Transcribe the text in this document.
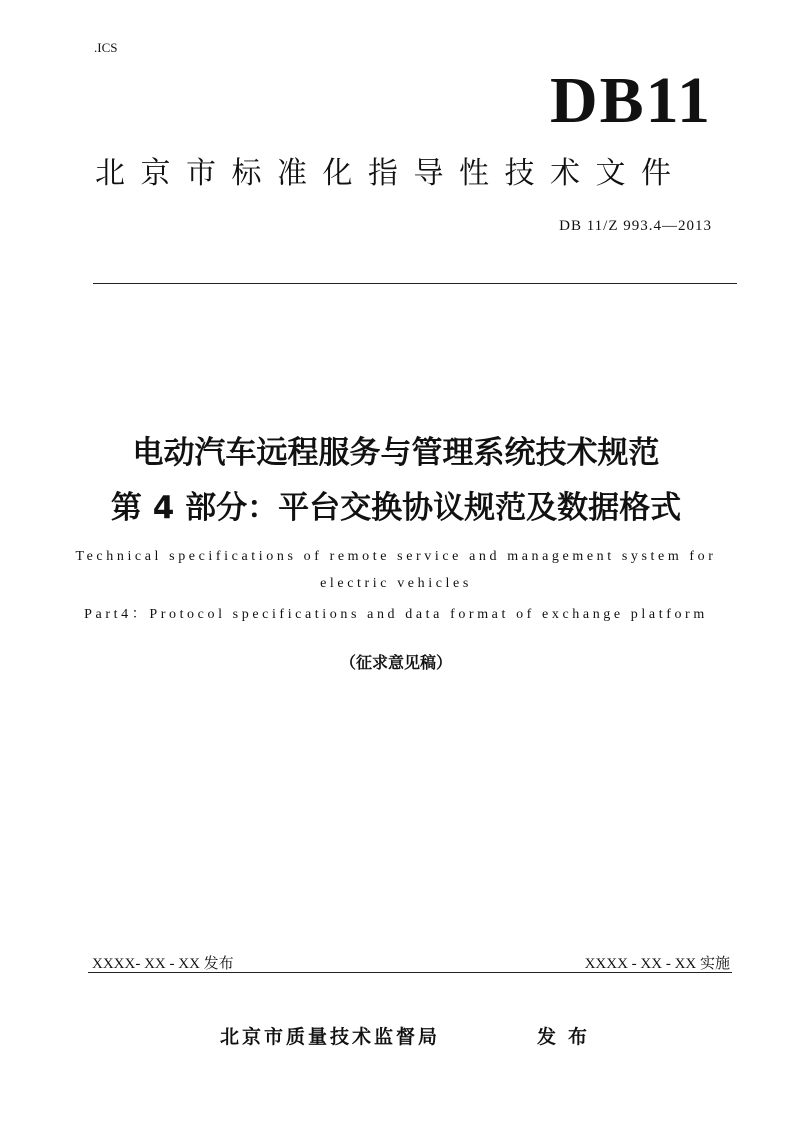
.ICS
DB11
北京市标准化指导性技术文件
DB 11/Z 993.4—2013
电动汽车远程服务与管理系统技术规范
第 4 部分：平台交换协议规范及数据格式
Technical specifications of remote service and management system for
electric vehicles
Part4：Protocol specifications and data format of exchange platform
（征求意见稿）
XXXX- XX - XX 发布	XXXX - XX - XX 实施
北京市质量技术监督局	发布
